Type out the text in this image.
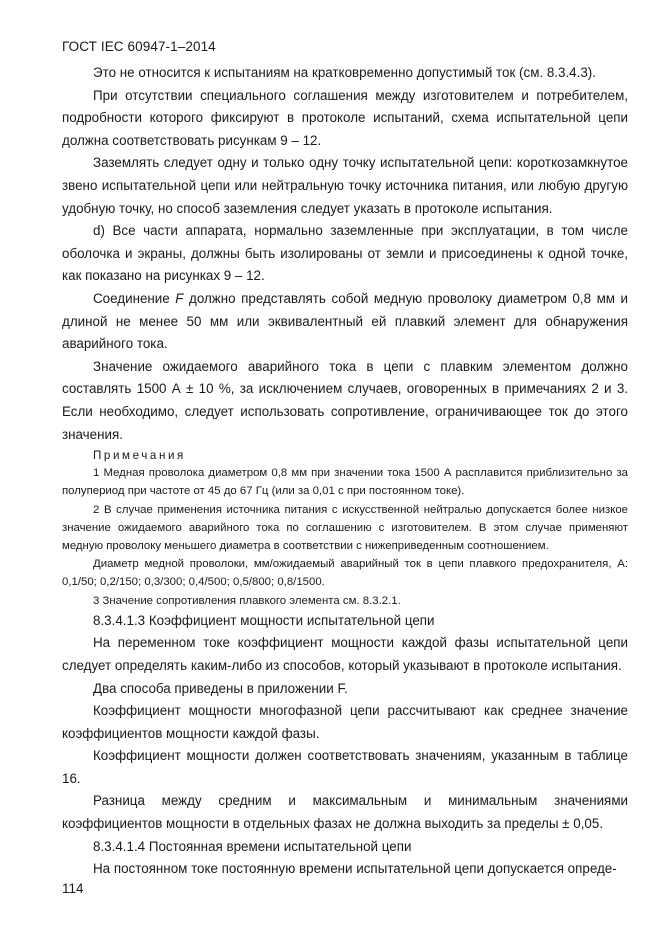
ГОСТ IEC 60947-1–2014

Это не относится к испытаниям на кратковременно допустимый ток (см. 8.3.4.3).

При отсутствии специального соглашения между изготовителем и потребителем, подробности которого фиксируют в протоколе испытаний, схема испытательной цепи должна соответствовать рисункам 9 – 12.

Заземлять следует одну и только одну точку испытательной цепи: короткозамкнутое звено испытательной цепи или нейтральную точку источника питания, или любую другую удобную точку, но способ заземления следует указать в протоколе испытания.

d) Все части аппарата, нормально заземленные при эксплуатации, в том числе оболочка и экраны, должны быть изолированы от земли и присоединены к одной точке, как показано на рисунках 9 – 12.

Соединение F должно представлять собой медную проволоку диаметром 0,8 мм и длиной не менее 50 мм или эквивалентный ей плавкий элемент для обнаружения аварийного тока.

Значение ожидаемого аварийного тока в цепи с плавким элементом должно составлять 1500 А ± 10 %, за исключением случаев, оговоренных в примечаниях 2 и 3. Если необходимо, следует использовать сопротивление, ограничивающее ток до этого значения.

Примечания

1 Медная проволока диаметром 0,8 мм при значении тока 1500 А расплавится приблизительно за полупериод при частоте от 45 до 67 Гц (или за 0,01 с при постоянном токе).

2 В случае применения источника питания с искусственной нейтралью допускается более низкое значение ожидаемого аварийного тока по соглашению с изготовителем. В этом случае применяют медную проволоку меньшего диаметра в соответствии с нижеприведенным соотношением.

Диаметр медной проволоки, мм/ожидаемый аварийный ток в цепи плавкого предохранителя, А: 0,1/50; 0,2/150; 0,3/300; 0,4/500; 0,5/800; 0,8/1500.

3 Значение сопротивления плавкого элемента см. 8.3.2.1.

8.3.4.1.3 Коэффициент мощности испытательной цепи

На переменном токе коэффициент мощности каждой фазы испытательной цепи следует определять каким-либо из способов, который указывают в протоколе испытания.

Два способа приведены в приложении F.

Коэффициент мощности многофазной цепи рассчитывают как среднее значение коэффициентов мощности каждой фазы.

Коэффициент мощности должен соответствовать значениям, указанным в таблице 16.

Разница между средним и максимальным и минимальным значениями коэффициентов мощности в отдельных фазах не должна выходить за пределы ± 0,05.

8.3.4.1.4 Постоянная времени испытательной цепи

На постоянном токе постоянную времени испытательной цепи допускается опреде-

114
